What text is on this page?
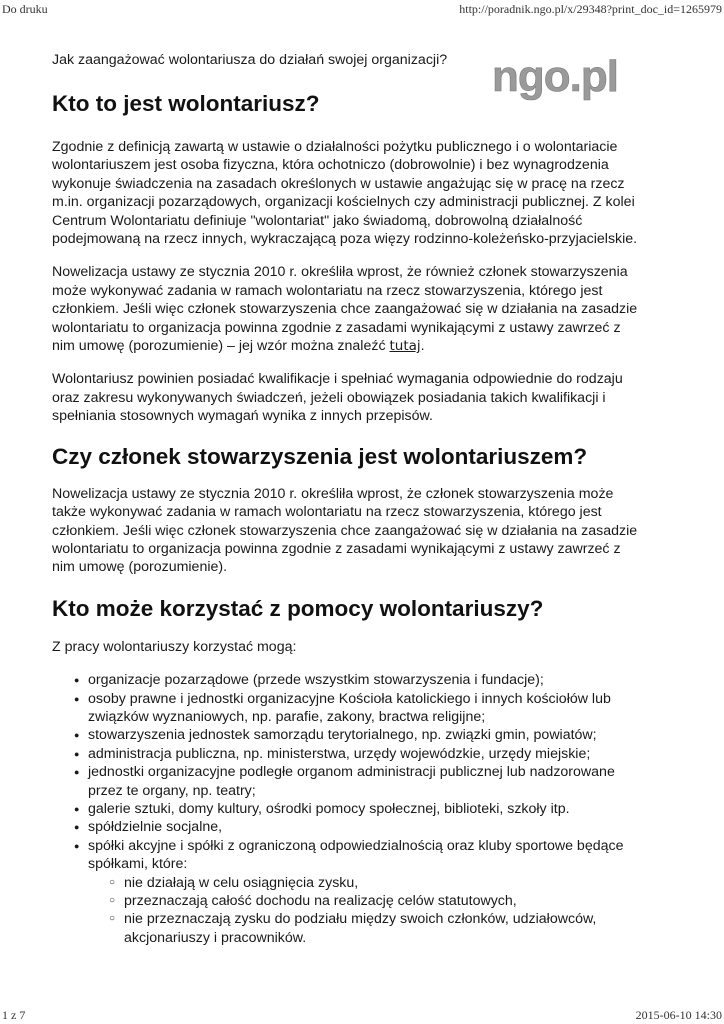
Do druku	http://poradnik.ngo.pl/x/29348?print_doc_id=1265979
ngo.pl
Jak zaangażować wolontariusza do działań swojej organizacji?
Kto to jest wolontariusz?

Zgodnie z definicją zawartą w ustawie o działalności pożytku publicznego i o wolontariacie wolontariuszem jest osoba fizyczna, która ochotniczo (dobrowolnie) i bez wynagrodzenia wykonuje świadczenia na zasadach określonych w ustawie angażując się w pracę na rzecz m.in. organizacji pozarządowych, organizacji kościelnych czy administracji publicznej. Z kolei Centrum Wolontariatu definiuje "wolontariat" jako świadomą, dobrowolną działalność podejmowaną na rzecz innych, wykraczającą poza więzy rodzinno-koleżeńsko-przyjacielskie.

Nowelizacja ustawy ze stycznia 2010 r. określiła wprost, że również członek stowarzyszenia może wykonywać zadania w ramach wolontariatu na rzecz stowarzyszenia, którego jest członkiem. Jeśli więc członek stowarzyszenia chce zaangażować się w działania na zasadzie wolontariatu to organizacja powinna zgodnie z zasadami wynikającymi z ustawy zawrzeć z nim umowę (porozumienie) – jej wzór można znaleźć tutaj.

Wolontariusz powinien posiadać kwalifikacje i spełniać wymagania odpowiednie do rodzaju oraz zakresu wykonywanych świadczeń, jeżeli obowiązek posiadania takich kwalifikacji i spełniania stosownych wymagań wynika z innych przepisów.

Czy członek stowarzyszenia jest wolontariuszem?

Nowelizacja ustawy ze stycznia 2010 r. określiła wprost, że członek stowarzyszenia może także wykonywać zadania w ramach wolontariatu na rzecz stowarzyszenia, którego jest członkiem. Jeśli więc członek stowarzyszenia chce zaangażować się w działania na zasadzie wolontariatu to organizacja powinna zgodnie z zasadami wynikającymi z ustawy zawrzeć z nim umowę (porozumienie).

Kto może korzystać z pomocy wolontariuszy?

Z pracy wolontariuszy korzystać mogą:

● organizacje pozarządowe (przede wszystkim stowarzyszenia i fundacje);
● osoby prawne i jednostki organizacyjne Kościoła katolickiego i innych kościołów lub związków wyznaniowych, np. parafie, zakony, bractwa religijne;
● stowarzyszenia jednostek samorządu terytorialnego, np. związki gmin, powiatów;
● administracja publiczna, np. ministerstwa, urzędy wojewódzkie, urzędy miejskie;
● jednostki organizacyjne podległe organom administracji publicznej lub nadzorowane przez te organy, np. teatry;
● galerie sztuki, domy kultury, ośrodki pomocy społecznej, biblioteki, szkoły itp.
● spółdzielnie socjalne,
● spółki akcyjne i spółki z ograniczoną odpowiedzialnością oraz kluby sportowe będące spółkami, które:
○ nie działają w celu osiągnięcia zysku,
○ przeznaczają całość dochodu na realizację celów statutowych,
○ nie przeznaczają zysku do podziału między swoich członków, udziałowców, akcjonariuszy i pracowników.
1 z 7	2015-06-10 14:30
